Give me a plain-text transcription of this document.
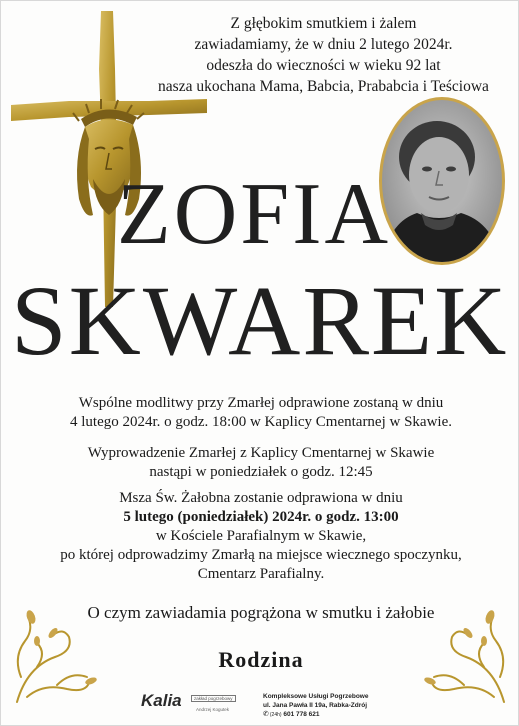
Z głębokim smutkiem i żalem
zawiadamiamy, że w dniu 2 lutego 2024r.
odeszła do wieczności w wieku 92 lat
nasza ukochana Mama, Babcia, Prababcia i Teściowa
ZOFIA
SKWAREK
Wspólne modlitwy przy Zmarłej odprawione zostaną w dniu
4 lutego 2024r. o godz. 18:00 w Kaplicy Cmentarnej w Skawie.
Wyprowadzenie Zmarłej z Kaplicy Cmentarnej w Skawie
nastąpi w poniedziałek o godz. 12:45
Msza Św. Żałobna zostanie odprawiona w dniu
5 lutego (poniedziałek) 2024r. o godz. 13:00
w Kościele Parafialnym w Skawie,
po której odprowadzimy Zmarłą na miejsce wiecznego spoczynku,
Cmentarz Parafialny.
O czym zawiadamia pogrążona w smutku i żałobie
Rodzina
Kalia	zakład pogrzebowy
Andrzej Kogutek
Kompleksowe Usługi Pogrzebowe
ul. Jana Pawła II 19a, Rabka-Zdrój
✆(24h) 601 778 621
